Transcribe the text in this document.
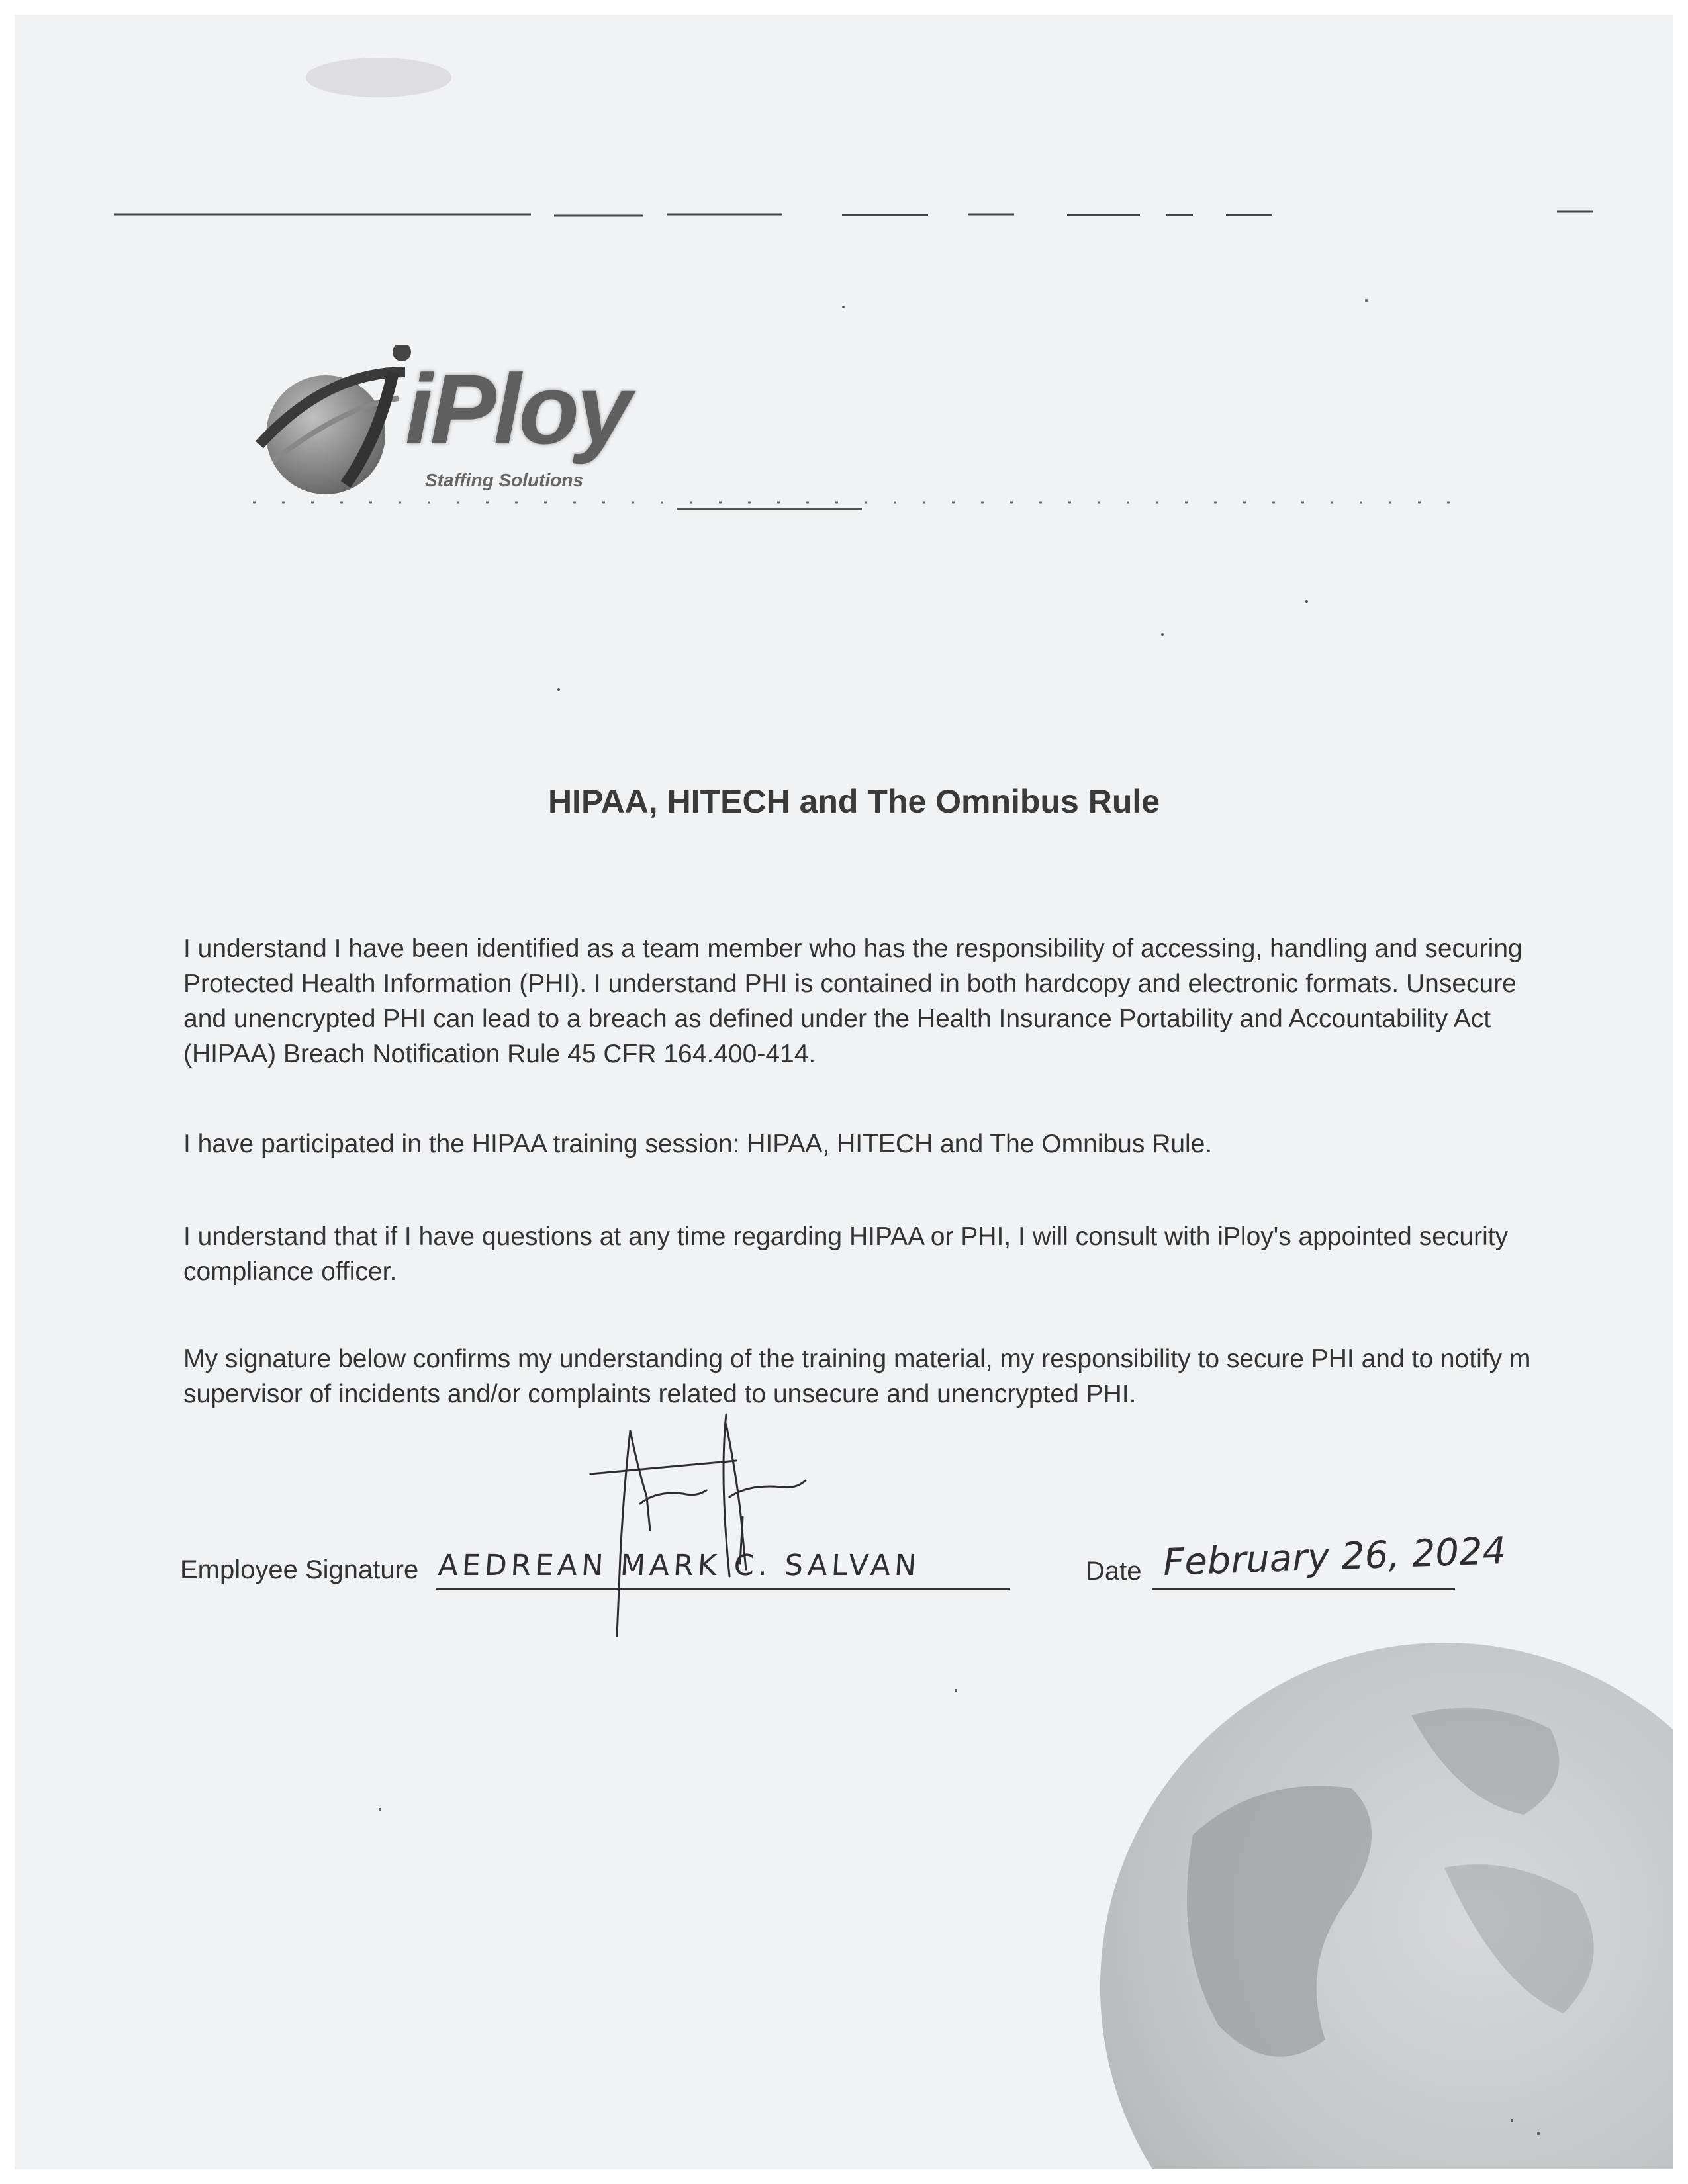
iPloy
Staffing Solutions
HIPAA, HITECH and The Omnibus Rule

I understand I have been identified as a team member who has the responsibility of accessing, handling and securing
Protected Health Information (PHI). I understand PHI is contained in both hardcopy and electronic formats. Unsecure
and unencrypted PHI can lead to a breach as defined under the Health Insurance Portability and Accountability Act
(HIPAA) Breach Notification Rule 45 CFR 164.400-414.

I have participated in the HIPAA training session: HIPAA, HITECH and The Omnibus Rule.

I understand that if I have questions at any time regarding HIPAA or PHI, I will consult with iPloy's appointed security
compliance officer.

My signature below confirms my understanding of the training material, my responsibility to secure PHI and to notify m
supervisor of incidents and/or complaints related to unsecure and unencrypted PHI.

Employee Signature AEDREAN MARK C. SALVAN	Date February 26, 2024
